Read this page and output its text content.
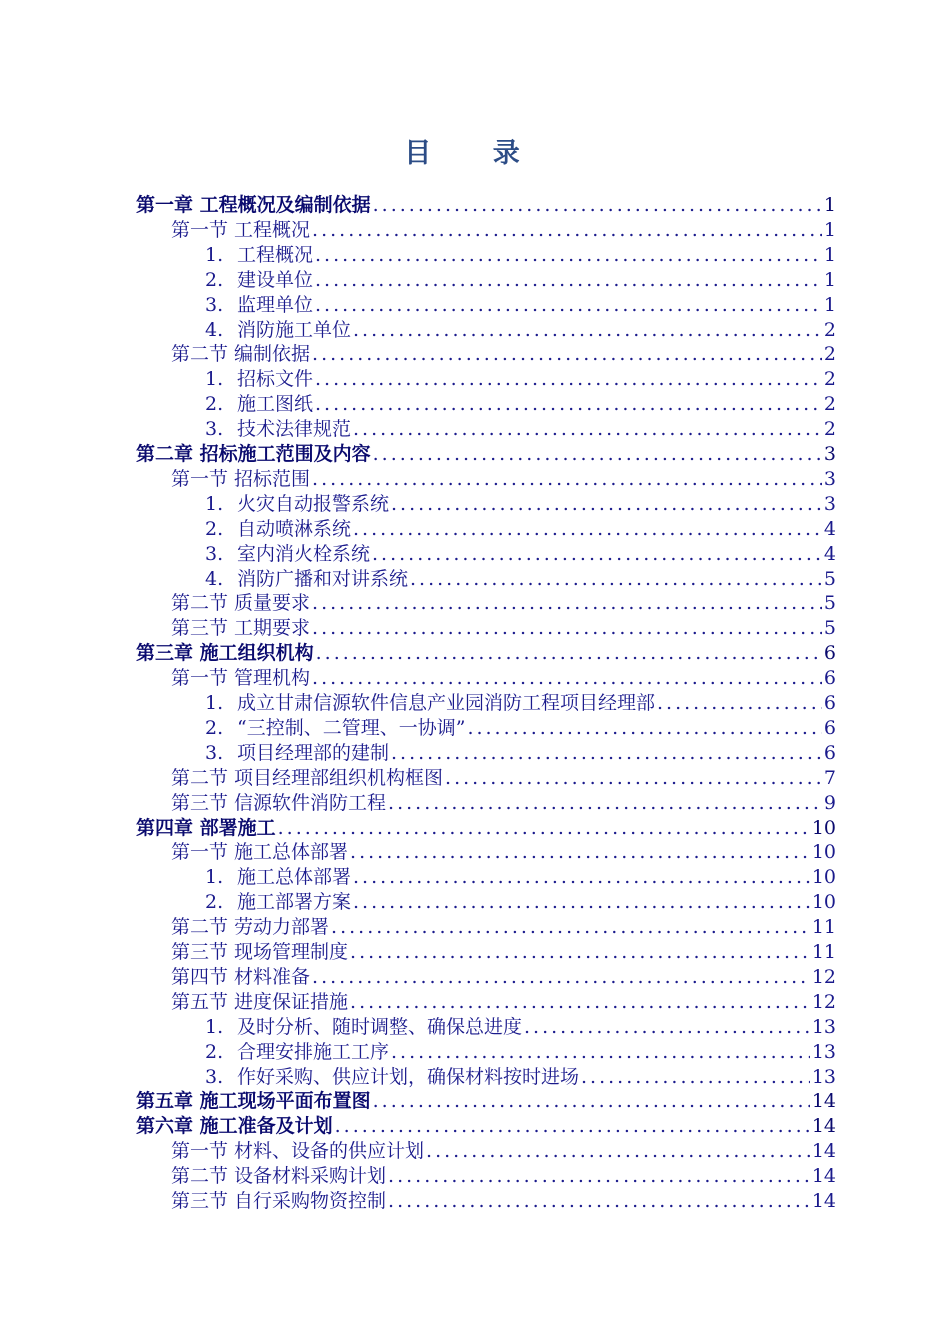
目 录
第一章 工程概况及编制依据 .....	1
第一节 工程概况 .....	1
1. 工程概况 .....	1
2. 建设单位 .....	1
3. 监理单位 .....	1
4. 消防施工单位 .....	2
第二节 编制依据 .....	2
1. 招标文件 .....	2
2. 施工图纸 .....	2
3. 技术法律规范 .....	2
第二章 招标施工范围及内容 .....	3
第一节 招标范围 .....	3
1. 火灾自动报警系统 .....	3
2. 自动喷淋系统 .....	4
3. 室内消火栓系统 .....	4
4. 消防广播和对讲系统 .....	5
第二节 质量要求 .....	5
第三节 工期要求 .....	5
第三章 施工组织机构 .....	6
第一节 管理机构 .....	6
1. 成立甘肃信源软件信息产业园消防工程项目经理部 .....	6
2. “三控制、二管理、一协调” .....	6
3. 项目经理部的建制 .....	6
第二节 项目经理部组织机构框图 .....	7
第三节 信源软件消防工程 .....	9
第四章 部署施工 .....	10
第一节 施工总体部署 .....	10
1. 施工总体部署 .....	10
2. 施工部署方案 .....	10
第二节 劳动力部署 .....	11
第三节 现场管理制度 .....	11
第四节 材料准备 .....	12
第五节 进度保证措施 .....	12
1. 及时分析、随时调整、确保总进度 .....	13
2. 合理安排施工工序 .....	13
3. 作好采购、供应计划，确保材料按时进场 .....	13
第五章 施工现场平面布置图 .....	14
第六章 施工准备及计划 .....	14
第一节 材料、设备的供应计划 .....	14
第二节 设备材料采购计划 .....	14
第三节 自行采购物资控制 .....	14
